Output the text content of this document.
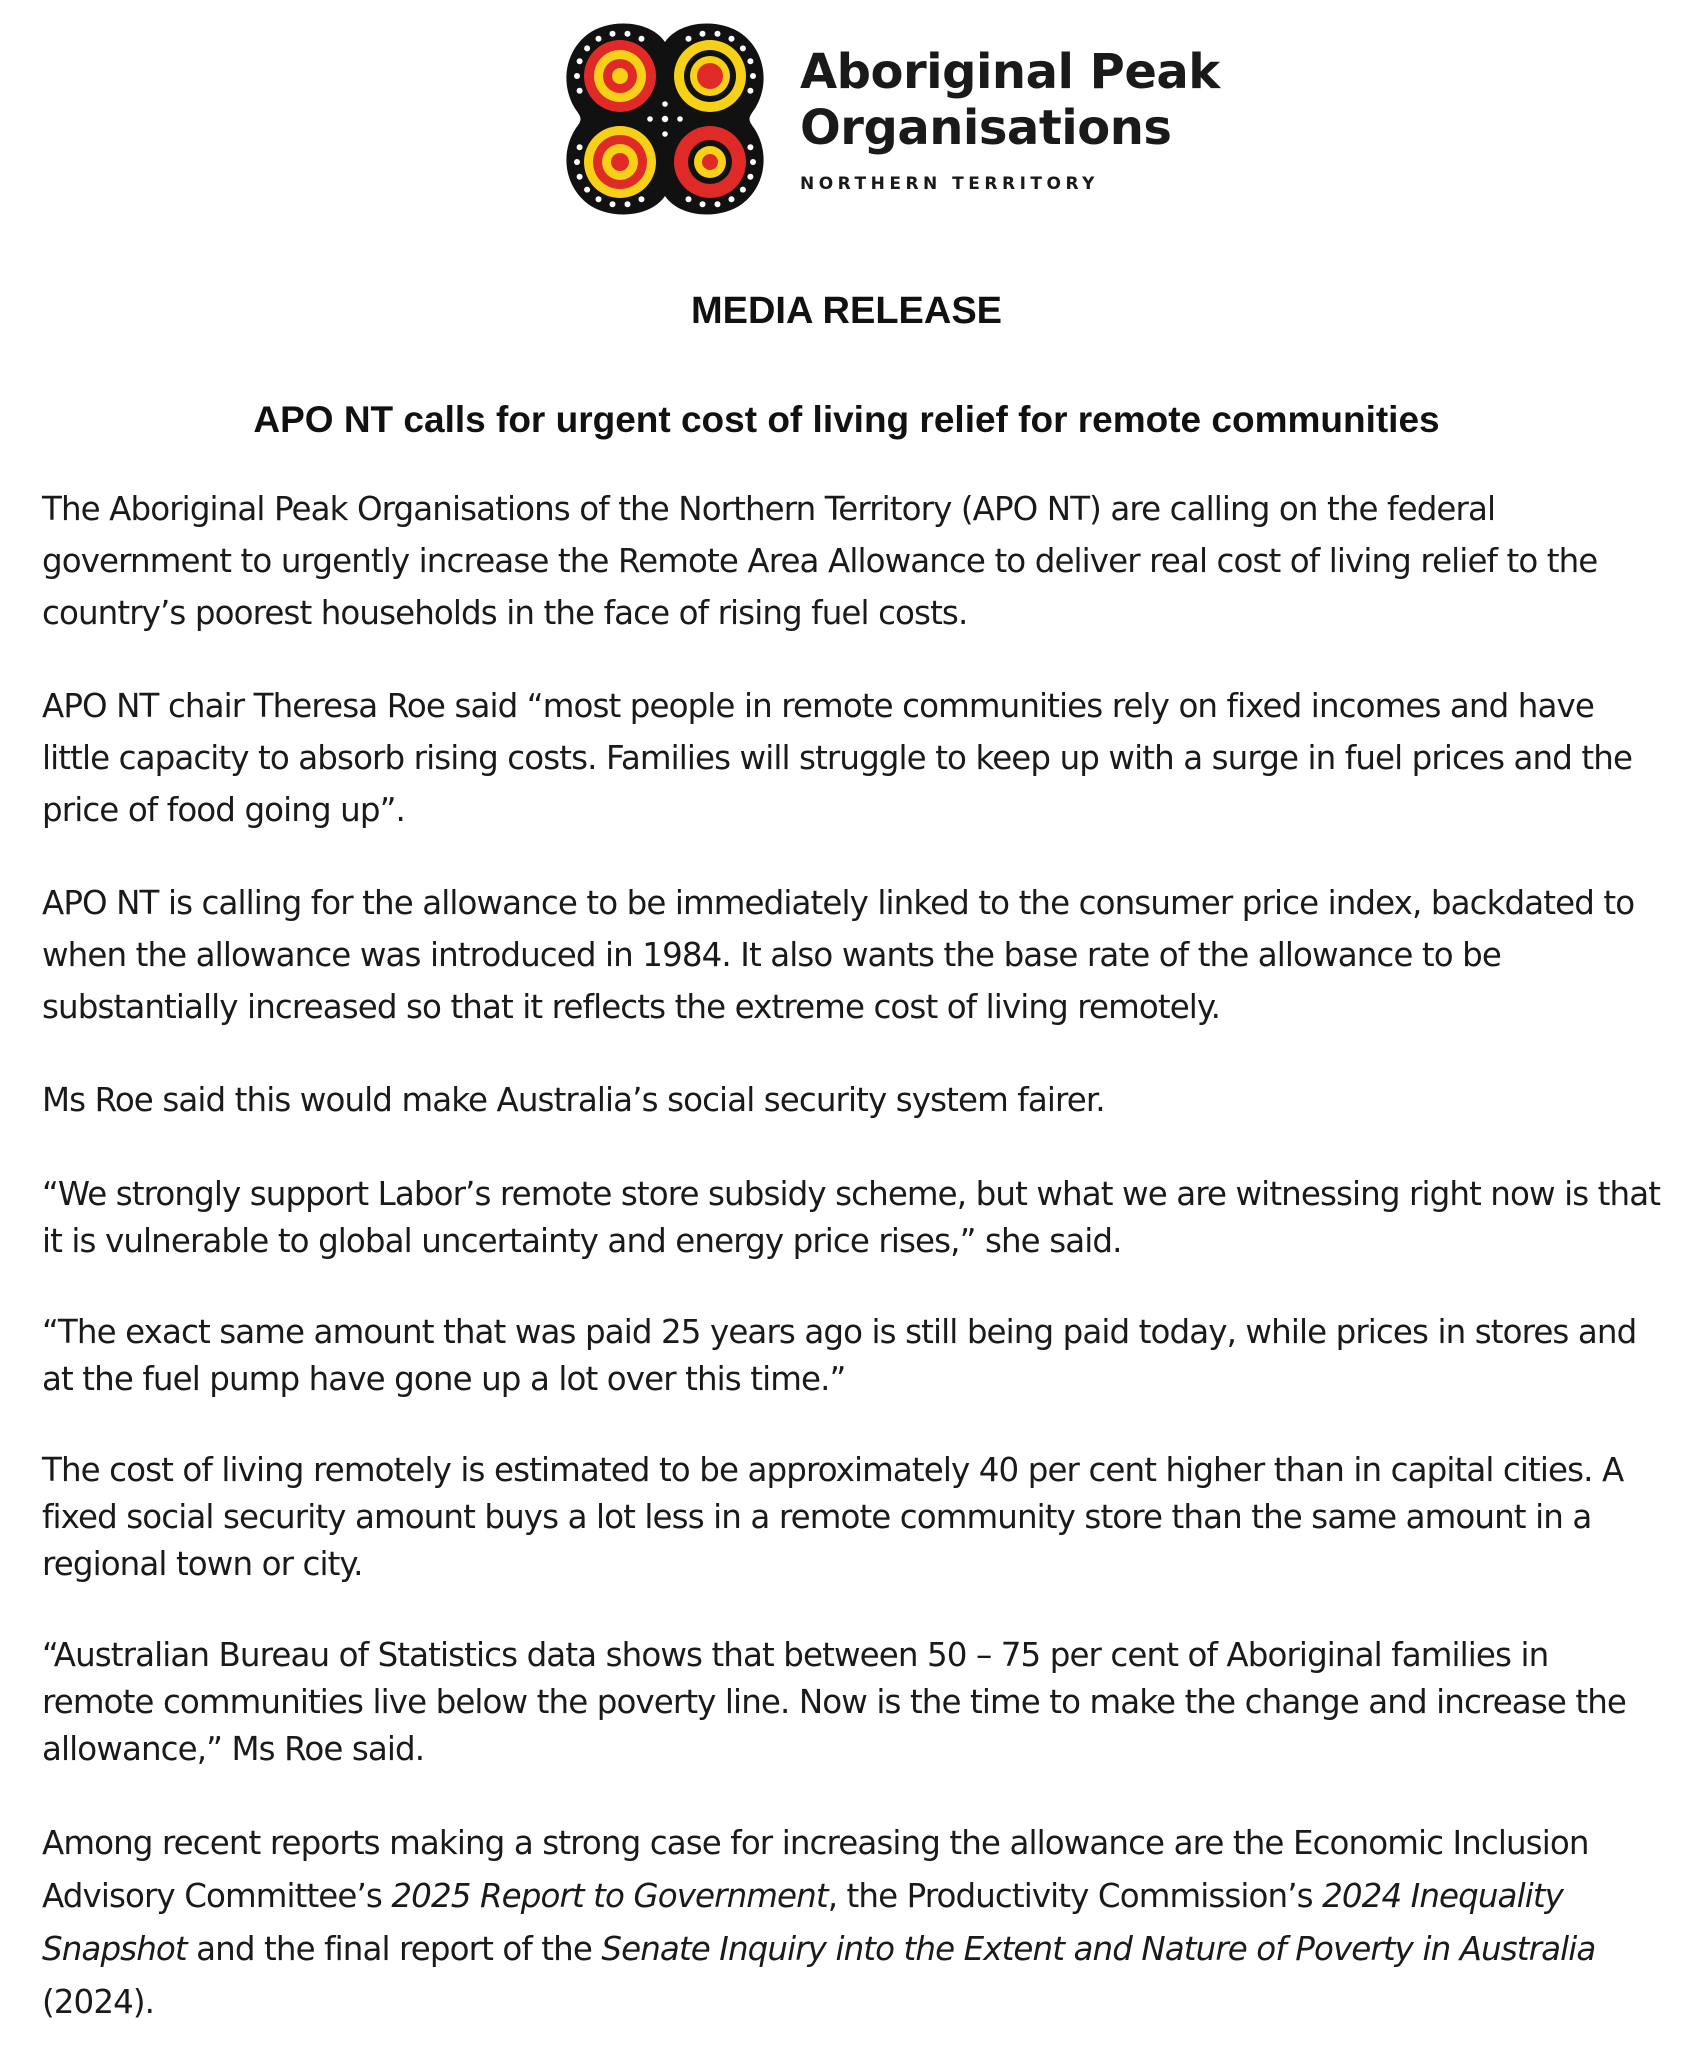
Aboriginal Peak
Organisations
NORTHERN TERRITORY
MEDIA RELEASE
APO NT calls for urgent cost of living relief for remote communities

The Aboriginal Peak Organisations of the Northern Territory (APO NT) are calling on the federal government to urgently increase the Remote Area Allowance to deliver real cost of living relief to the country’s poorest households in the face of rising fuel costs.

APO NT chair Theresa Roe said “most people in remote communities rely on fixed incomes and have little capacity to absorb rising costs. Families will struggle to keep up with a surge in fuel prices and the price of food going up”.

APO NT is calling for the allowance to be immediately linked to the consumer price index, backdated to when the allowance was introduced in 1984. It also wants the base rate of the allowance to be substantially increased so that it reflects the extreme cost of living remotely.

Ms Roe said this would make Australia’s social security system fairer.

“We strongly support Labor’s remote store subsidy scheme, but what we are witnessing right now is that it is vulnerable to global uncertainty and energy price rises,” she said.

“The exact same amount that was paid 25 years ago is still being paid today, while prices in stores and at the fuel pump have gone up a lot over this time.”

The cost of living remotely is estimated to be approximately 40 per cent higher than in capital cities. A fixed social security amount buys a lot less in a remote community store than the same amount in a regional town or city.

“Australian Bureau of Statistics data shows that between 50 – 75 per cent of Aboriginal families in remote communities live below the poverty line. Now is the time to make the change and increase the allowance,” Ms Roe said.

Among recent reports making a strong case for increasing the allowance are the Economic Inclusion Advisory Committee’s 2025 Report to Government, the Productivity Commission’s 2024 Inequality Snapshot and the final report of the Senate Inquiry into the Extent and Nature of Poverty in Australia (2024).
